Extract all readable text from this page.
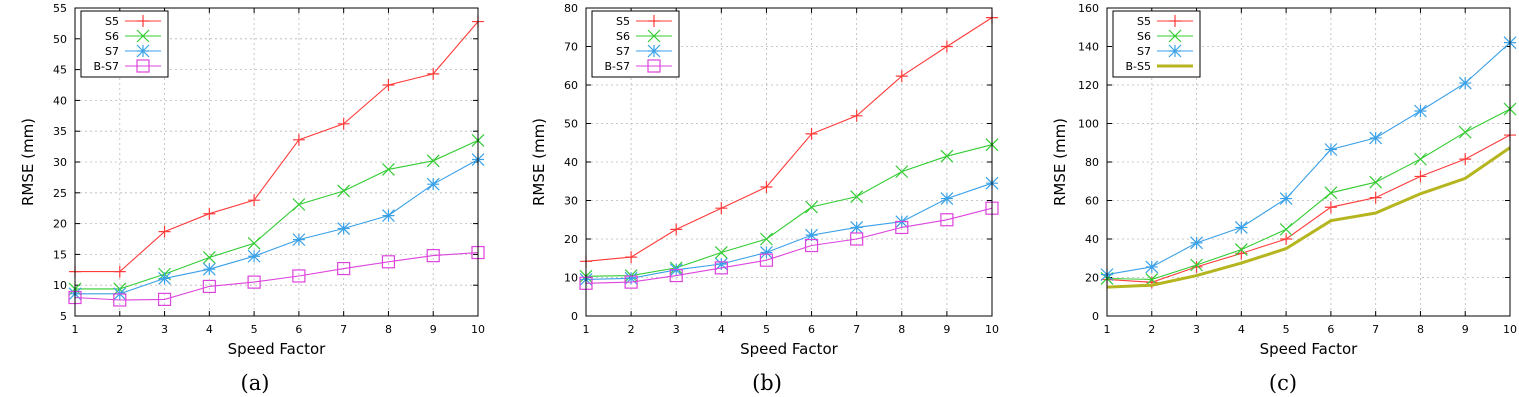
1	2	3	4	5	6	7	8	9	10
5
10
15
20
25
30
35
40
45
50
55
Speed Factor
RMSE (mm)
S5
S6
S7
B-S7
(a)
1	2	3	4	5	6	7	8	9	10
0
10
20
30
40
50
60
70
80
Speed Factor
RMSE (mm)
S5
S6
S7
B-S7
(b)
1	2	3	4	5	6	7	8	9	10
0
20
40
60
80
100
120
140
160
Speed Factor
RMSE (mm)
S5
S6
S7
B-S5
(c)
